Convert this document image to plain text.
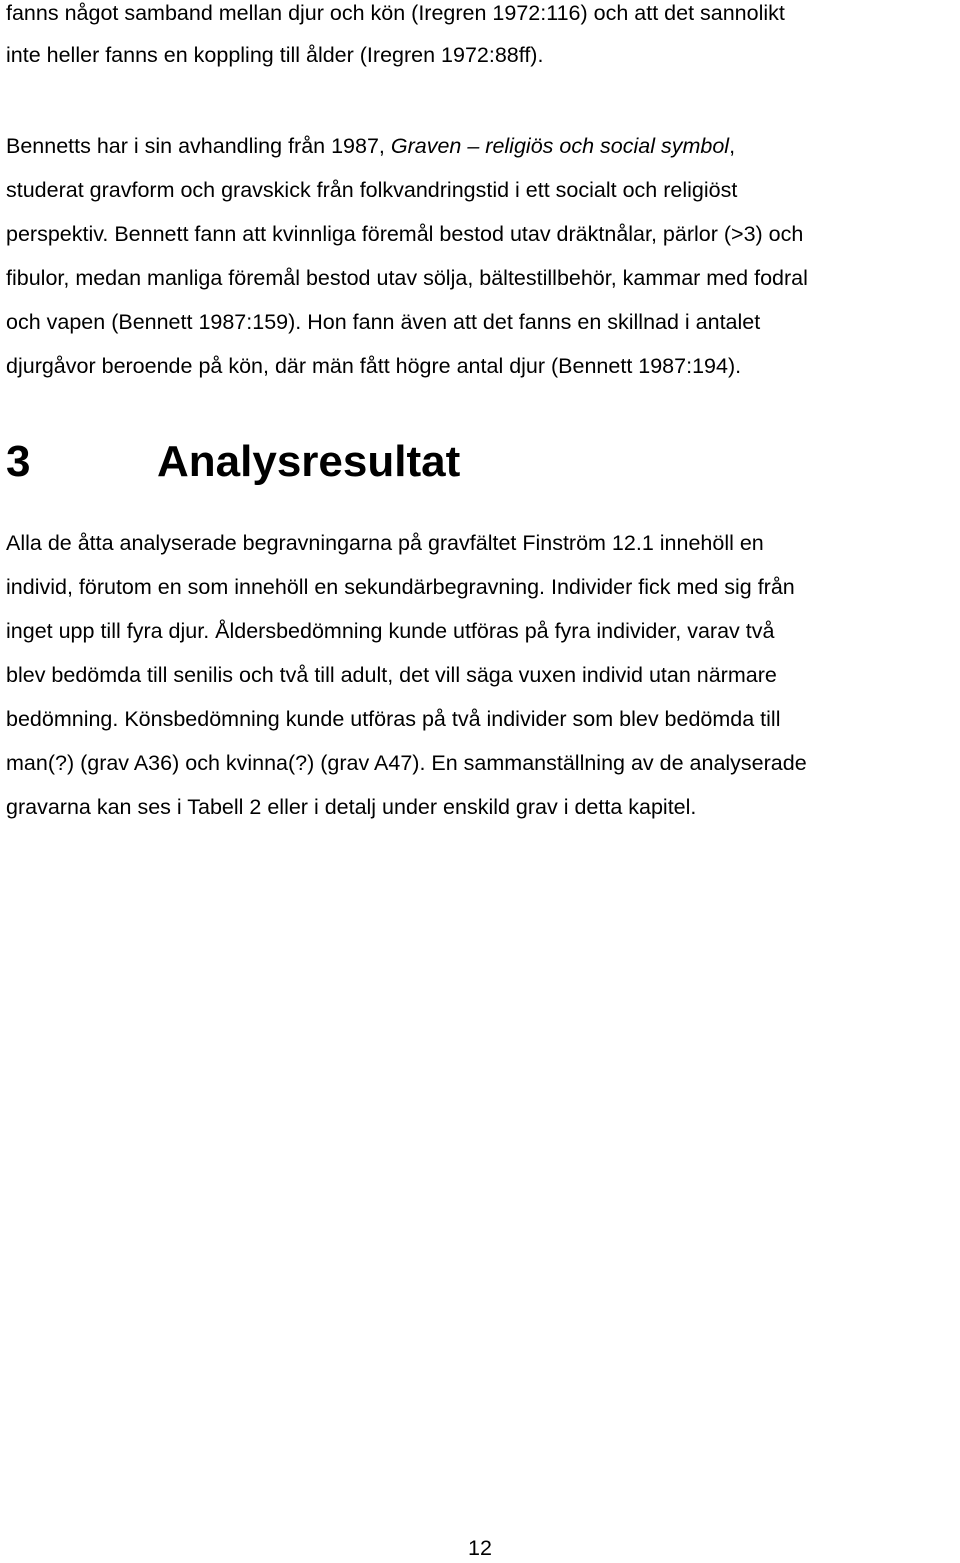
fanns något samband mellan djur och kön (Iregren 1972:116) och att det sannolikt
inte heller fanns en koppling till ålder (Iregren 1972:88ff).

Bennetts har i sin avhandling från 1987, Graven – religiös och social symbol,
studerat gravform och gravskick från folkvandringstid i ett socialt och religiöst
perspektiv. Bennett fann att kvinnliga föremål bestod utav dräktnålar, pärlor (>3) och
fibulor, medan manliga föremål bestod utav sölja, bältestillbehör, kammar med fodral
och vapen (Bennett 1987:159). Hon fann även att det fanns en skillnad i antalet
djurgåvor beroende på kön, där män fått högre antal djur (Bennett 1987:194).

3	Analysresultat

Alla de åtta analyserade begravningarna på gravfältet Finström 12.1 innehöll en
individ, förutom en som innehöll en sekundärbegravning. Individer fick med sig från
inget upp till fyra djur. Åldersbedömning kunde utföras på fyra individer, varav två
blev bedömda till senilis och två till adult, det vill säga vuxen individ utan närmare
bedömning. Könsbedömning kunde utföras på två individer som blev bedömda till
man(?) (grav A36) och kvinna(?) (grav A47). En sammanställning av de analyserade
gravarna kan ses i Tabell 2 eller i detalj under enskild grav i detta kapitel.

12
